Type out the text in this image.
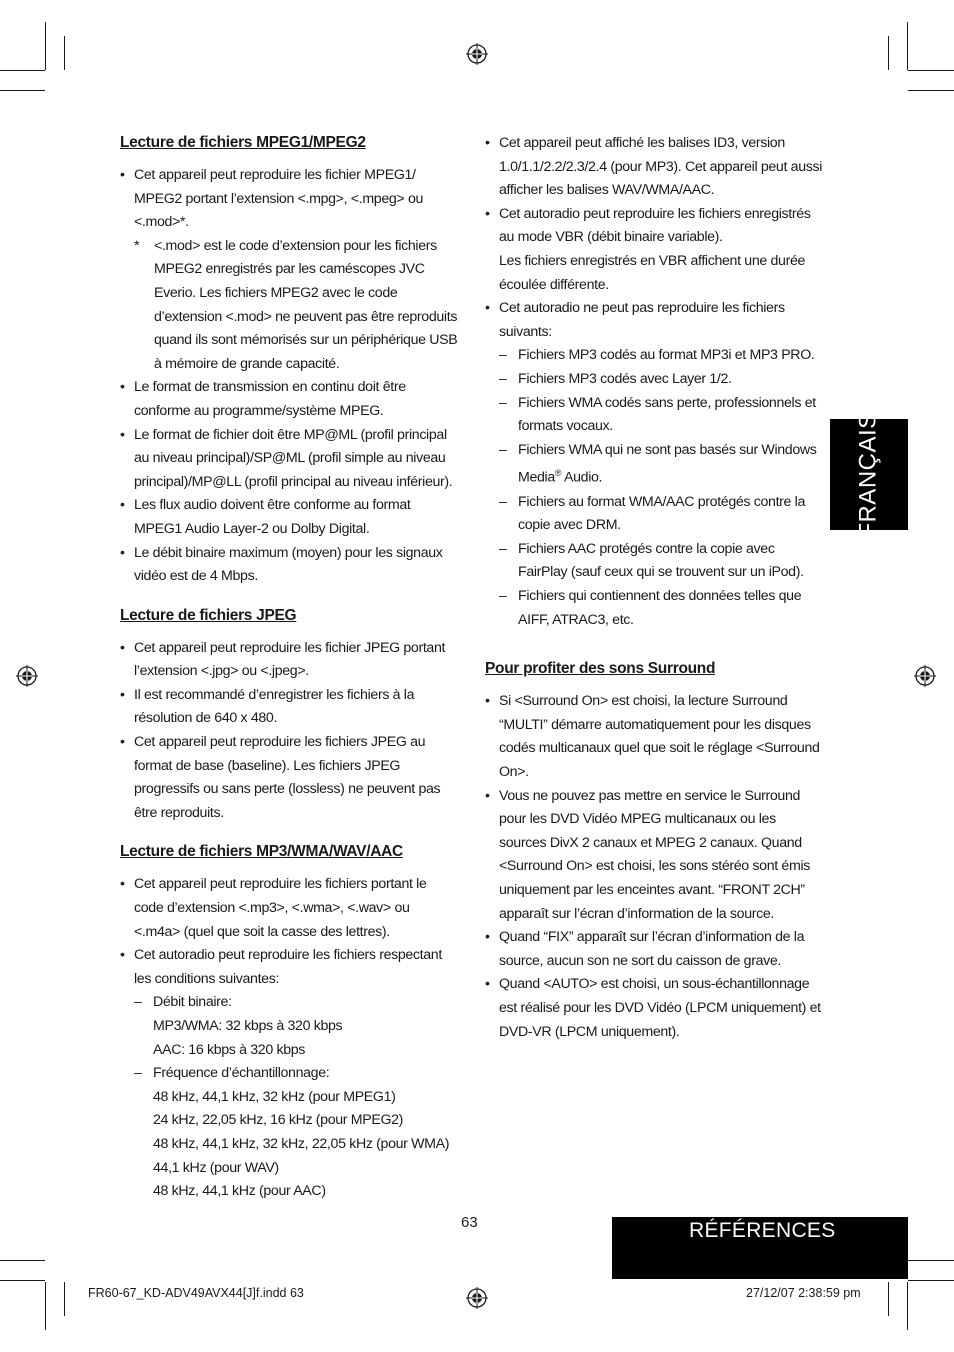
Lecture de fichiers MPEG1/MPEG2
• Cet appareil peut reproduire les fichier MPEG1/ MPEG2 portant l’extension <.mpg>, <.mpeg> ou <.mod>*.
* <.mod> est le code d’extension pour les fichiers MPEG2 enregistrés par les caméscopes JVC Everio. Les fichiers MPEG2 avec le code d’extension <.mod> ne peuvent pas être reproduits quand ils sont mémorisés sur un périphérique USB à mémoire de grande capacité.
• Le format de transmission en continu doit être conforme au programme/système MPEG.
• Le format de fichier doit être MP@ML (profil principal au niveau principal)/SP@ML (profil simple au niveau principal)/MP@LL (profil principal au niveau inférieur).
• Les flux audio doivent être conforme au format MPEG1 Audio Layer-2 ou Dolby Digital.
• Le débit binaire maximum (moyen) pour les signaux vidéo est de 4 Mbps.
Lecture de fichiers JPEG
• Cet appareil peut reproduire les fichier JPEG portant l’extension <.jpg> ou <.jpeg>.
• Il est recommandé d’enregistrer les fichiers à la résolution de 640 x 480.
• Cet appareil peut reproduire les fichiers JPEG au format de base (baseline). Les fichiers JPEG progressifs ou sans perte (lossless) ne peuvent pas être reproduits.
Lecture de fichiers MP3/WMA/WAV/AAC
• Cet appareil peut reproduire les fichiers portant le code d’extension <.mp3>, <.wma>, <.wav> ou <.m4a> (quel que soit la casse des lettres).
• Cet autoradio peut reproduire les fichiers respectant les conditions suivantes:
– Débit binaire:
MP3/WMA: 32 kbps à 320 kbps
AAC: 16 kbps à 320 kbps
– Fréquence d’échantillonnage:
48 kHz, 44,1 kHz, 32 kHz (pour MPEG1)
24 kHz, 22,05 kHz, 16 kHz (pour MPEG2)
48 kHz, 44,1 kHz, 32 kHz, 22,05 kHz (pour WMA)
44,1 kHz (pour WAV)
48 kHz, 44,1 kHz (pour AAC)
• Cet appareil peut affiché les balises ID3, version 1.0/1.1/2.2/2.3/2.4 (pour MP3). Cet appareil peut aussi afficher les balises WAV/WMA/AAC.
• Cet autoradio peut reproduire les fichiers enregistrés au mode VBR (débit binaire variable).
Les fichiers enregistrés en VBR affichent une durée écoulée différente.
• Cet autoradio ne peut pas reproduire les fichiers suivants:
– Fichiers MP3 codés au format MP3i et MP3 PRO.
– Fichiers MP3 codés avec Layer 1/2.
– Fichiers WMA codés sans perte, professionnels et formats vocaux.
– Fichiers WMA qui ne sont pas basés sur Windows Media® Audio.
– Fichiers au format WMA/AAC protégés contre la copie avec DRM.
– Fichiers AAC protégés contre la copie avec FairPlay (sauf ceux qui se trouvent sur un iPod).
– Fichiers qui contiennent des données telles que AIFF, ATRAC3, etc.
Pour profiter des sons Surround
• Si <Surround On> est choisi, la lecture Surround “MULTI” démarre automatiquement pour les disques codés multicanaux quel que soit le réglage <Surround On>.
• Vous ne pouvez pas mettre en service le Surround pour les DVD Vidéo MPEG multicanaux ou les sources DivX 2 canaux et MPEG 2 canaux. Quand <Surround On> est choisi, les sons stéréo sont émis uniquement par les enceintes avant. “FRONT 2CH” apparaît sur l’écran d’information de la source.
• Quand “FIX” apparaît sur l’écran d’information de la source, aucun son ne sort du caisson de grave.
• Quand <AUTO> est choisi, un sous-échantillonnage est réalisé pour les DVD Vidéo (LPCM uniquement) et DVD-VR (LPCM uniquement).
FRANÇAIS
63	RÉFÉRENCES
FR60-67_KD-ADV49AVX44[J]f.indd 63	27/12/07 2:38:59 pm
